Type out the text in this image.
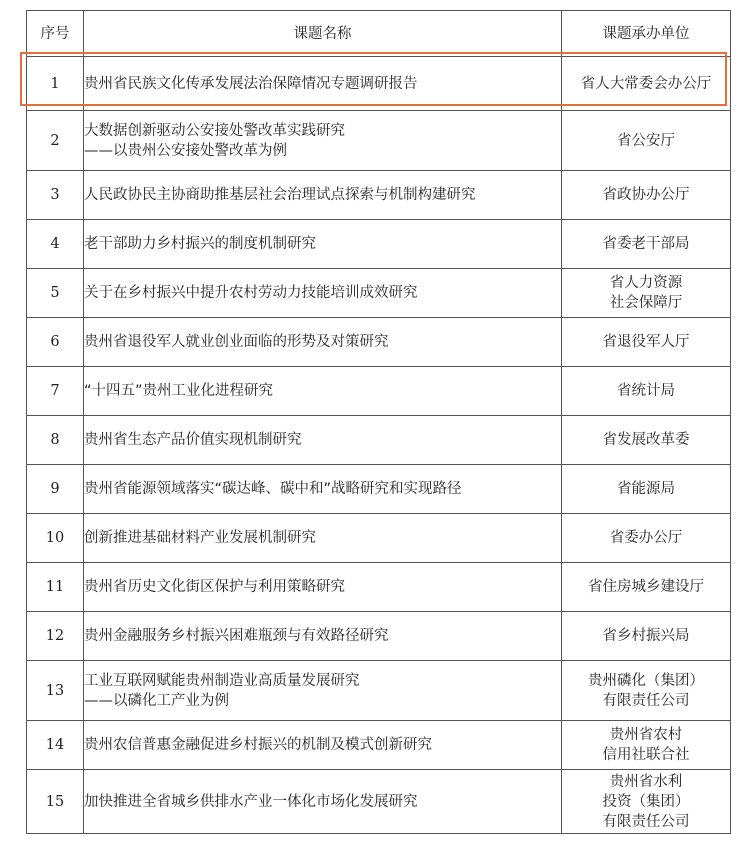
序号	课题名称	课题承办单位
1	贵州省民族文化传承发展法治保障情况专题调研报告	省人大常委会办公厅

2	大数据创新驱动公安接处警改革实践研究
——以贵州公安接处警改革为例	省公安厅

3	人民政协民主协商助推基层社会治理试点探索与机制构建研究	省政协办公厅

4	老干部助力乡村振兴的制度机制研究	省委老干部局

5	关于在乡村振兴中提升农村劳动力技能培训成效研究	省人力资源
社会保障厅

6	贵州省退役军人就业创业面临的形势及对策研究	省退役军人厅

7	“十四五”贵州工业化进程研究	省统计局

8	贵州省生态产品价值实现机制研究	省发展改革委

9	贵州省能源领域落实“碳达峰、碳中和”战略研究和实现路径	省能源局

10	创新推进基础材料产业发展机制研究	省委办公厅

11	贵州省历史文化街区保护与利用策略研究	省住房城乡建设厅

12	贵州金融服务乡村振兴困难瓶颈与有效路径研究	省乡村振兴局

13	工业互联网赋能贵州制造业高质量发展研究
——以磷化工产业为例	贵州磷化（集团）
有限责任公司

14	贵州农信普惠金融促进乡村振兴的机制及模式创新研究	贵州省农村
信用社联合社

15	加快推进全省城乡供排水产业一体化市场化发展研究	贵州省水利
投资（集团）
有限责任公司
